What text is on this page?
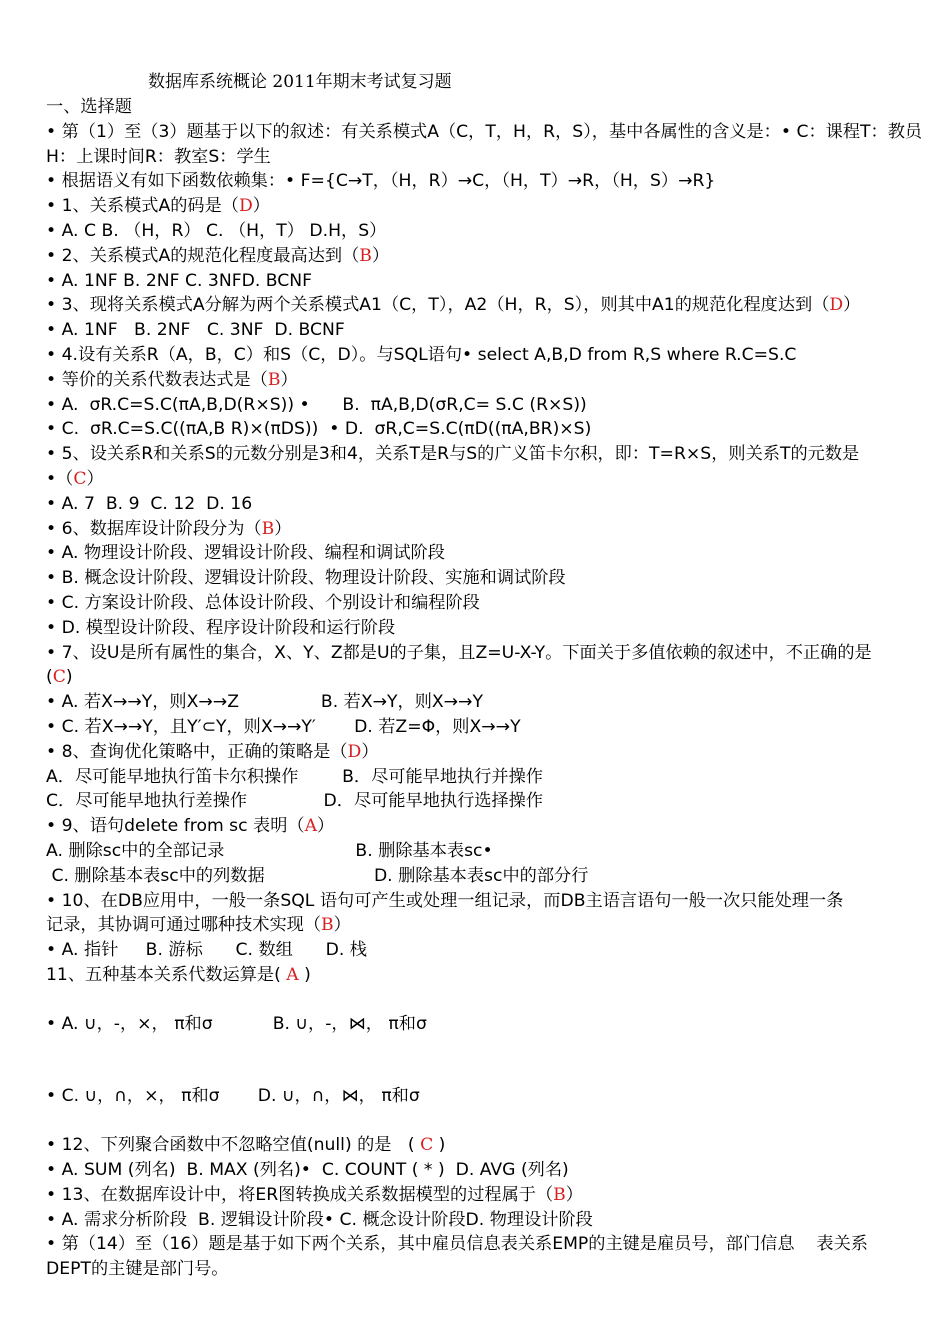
数据库系统概论 2011年期末考试复习题
一、选择题
• 第（1）至（3）题基于以下的叙述：有关系模式A（C，T，H，R，S），基中各属性的含义是：• C：课程T：教员
H：上课时间R：教室S：学生
• 根据语义有如下函数依赖集：• F={C→T，（H，R）→C，（H，T）→R，（H，S）→R}
• 1、关系模式A的码是（D）
• A. C B. （H，R） C. （H，T） D.H，S）
• 2、关系模式A的规范化程度最高达到（B）
• A. 1NF B. 2NF C. 3NFD. BCNF
• 3、现将关系模式A分解为两个关系模式A1（C，T），A2（H，R，S），则其中A1的规范化程度达到（D）
• A. 1NF   B. 2NF   C. 3NF  D. BCNF
• 4.设有关系R（A，B，C）和S（C，D）。与SQL语句• select A,B,D from R,S where R.C=S.C
• 等价的关系代数表达式是（B）
• A.  σR.C=S.C(πA,B,D(R×S)) •      B.  πA,B,D(σR,C= S.C (R×S))
• C.  σR.C=S.C((πA,B R)×(πDS))  • D.  σR,C=S.C(πD((πA,BR)×S)
• 5、设关系R和关系S的元数分别是3和4，关系T是R与S的广义笛卡尔积，即：T=R×S，则关系T的元数是
•（C）
• A. 7  B. 9  C. 12  D. 16
• 6、数据库设计阶段分为（B）
• A. 物理设计阶段、逻辑设计阶段、编程和调试阶段
• B. 概念设计阶段、逻辑设计阶段、物理设计阶段、实施和调试阶段
• C. 方案设计阶段、总体设计阶段、个别设计和编程阶段
• D. 模型设计阶段、程序设计阶段和运行阶段
• 7、设U是所有属性的集合，X、Y、Z都是U的子集，且Z=U-X-Y。下面关于多值依赖的叙述中，不正确的是
(C)
• A. 若X→→Y，则X→→Z               B. 若X→Y，则X→→Y
• C. 若X→→Y，且Y′⊂Y，则X→→Y′       D. 若Z=Φ，则X→→Y
• 8、查询优化策略中，正确的策略是（D）
A．尽可能早地执行笛卡尔积操作        B．尽可能早地执行并操作
C．尽可能早地执行差操作              D．尽可能早地执行选择操作
• 9、语句delete from sc 表明（A）
A. 删除sc中的全部记录                        B. 删除基本表sc•
C. 删除基本表sc中的列数据                    D. 删除基本表sc中的部分行
• 10、在DB应用中，一般一条SQL 语句可产生或处理一组记录，而DB主语言语句一般一次只能处理一条
记录，其协调可通过哪种技术实现（B）
• A. 指针     B. 游标      C. 数组      D. 栈
11、五种基本关系代数运算是( A )
• A. ∪，-，×， π和σ           B. ∪，-，⋈， π和σ
• C. ∪，∩，×， π和σ       D. ∪，∩，⋈， π和σ
• 12、下列聚合函数中不忽略空值(null) 的是   ( C )
• A. SUM (列名)  B. MAX (列名)•  C. COUNT ( * )  D. AVG (列名)
• 13、在数据库设计中，将ER图转换成关系数据模型的过程属于（B）
• A. 需求分析阶段  B. 逻辑设计阶段• C. 概念设计阶段D. 物理设计阶段
• 第（14）至（16）题是基于如下两个关系，其中雇员信息表关系EMP的主键是雇员号，部门信息    表关系
DEPT的主键是部门号。
